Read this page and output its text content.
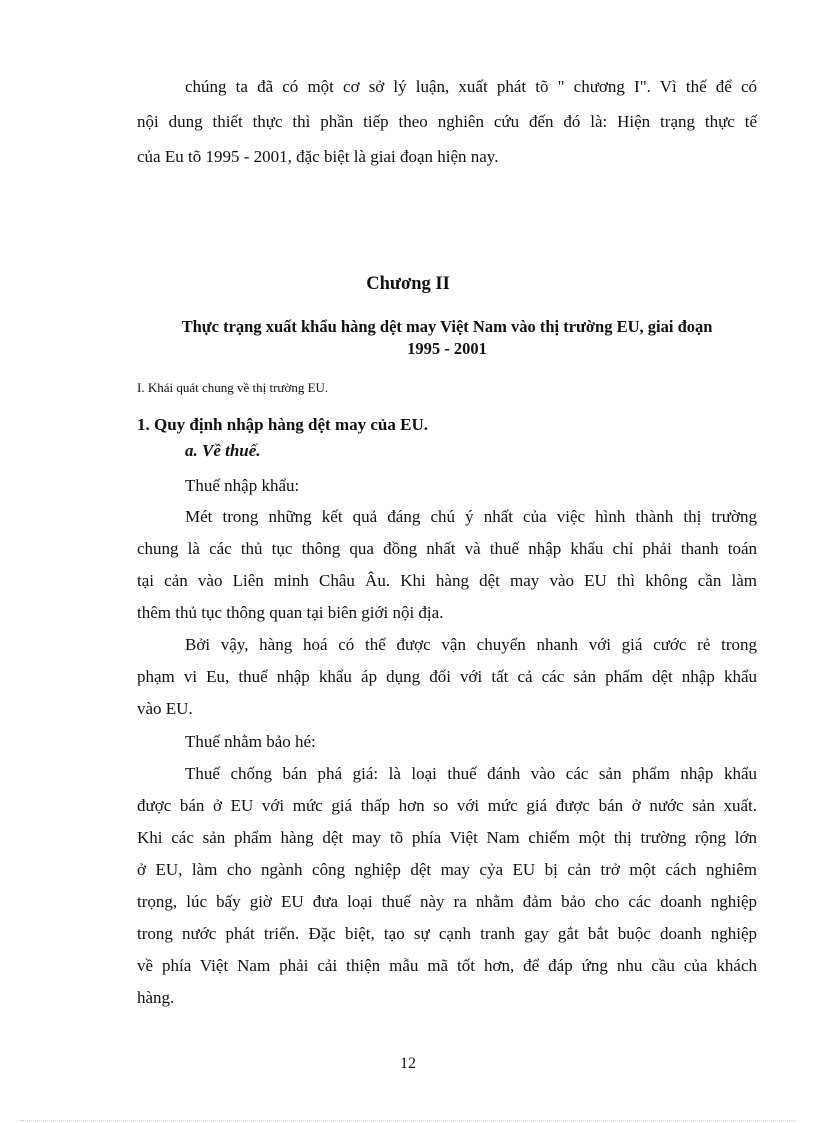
chúng ta đã có một cơ sở lý luận, xuất phát tõ " chương I". Vì thế để có
nội dung thiết thực thì phần tiếp theo nghiên cứu đến đó là: Hiện trạng thực tế
của Eu tõ 1995 - 2001, đặc biệt là giai đoạn hiện nay.
Chương II
Thực trạng xuất khẩu hàng dệt may Việt Nam vào thị trường EU, giai đoạn
1995 - 2001
I. Khái quát chung về thị trường EU.
1. Quy định nhập hàng dệt may của EU.
a. Về thuế.
Thuế nhập khẩu:
Mét trong những kết quả đáng chú ý nhất của việc hình thành thị trường
chung là các thủ tục thông qua đồng nhất và thuế nhập khẩu chỉ phải thanh toán
tại cản vào Liên minh Châu Âu. Khi hàng dệt may vào EU thì không cần làm
thêm thủ tục thông quan tại biên giới nội địa.
Bởi vậy, hàng hoá có thể được vận chuyển nhanh với giá cước rẻ trong
phạm vi Eu, thuế nhập khẩu áp dụng đối với tất cả các sản phẩm dệt nhập khẩu
vào EU.
Thuế nhằm bảo hé:
Thuế chống bán phá giá: là loại thuế đánh vào các sản phẩm nhập khẩu
được bán ở EU với mức giá thấp hơn so với mức giá được bán ở nước sản xuất.
Khi các sản phẩm hàng dệt may tõ phía Việt Nam chiếm một thị trường rộng lớn
ở EU, làm cho ngành công nghiệp dệt may cỷa EU bị cản trở một cách nghiêm
trọng, lúc bấy giờ EU đưa loại thuế này ra nhằm đảm bảo cho các doanh nghiệp
trong nước phát triển. Đặc biệt, tạo sự cạnh tranh gay gắt bắt buộc doanh nghiệp
về phía Việt Nam phải cải thiện mẫu mã tốt hơn, để đáp ứng nhu cầu của khách
hàng.
12
